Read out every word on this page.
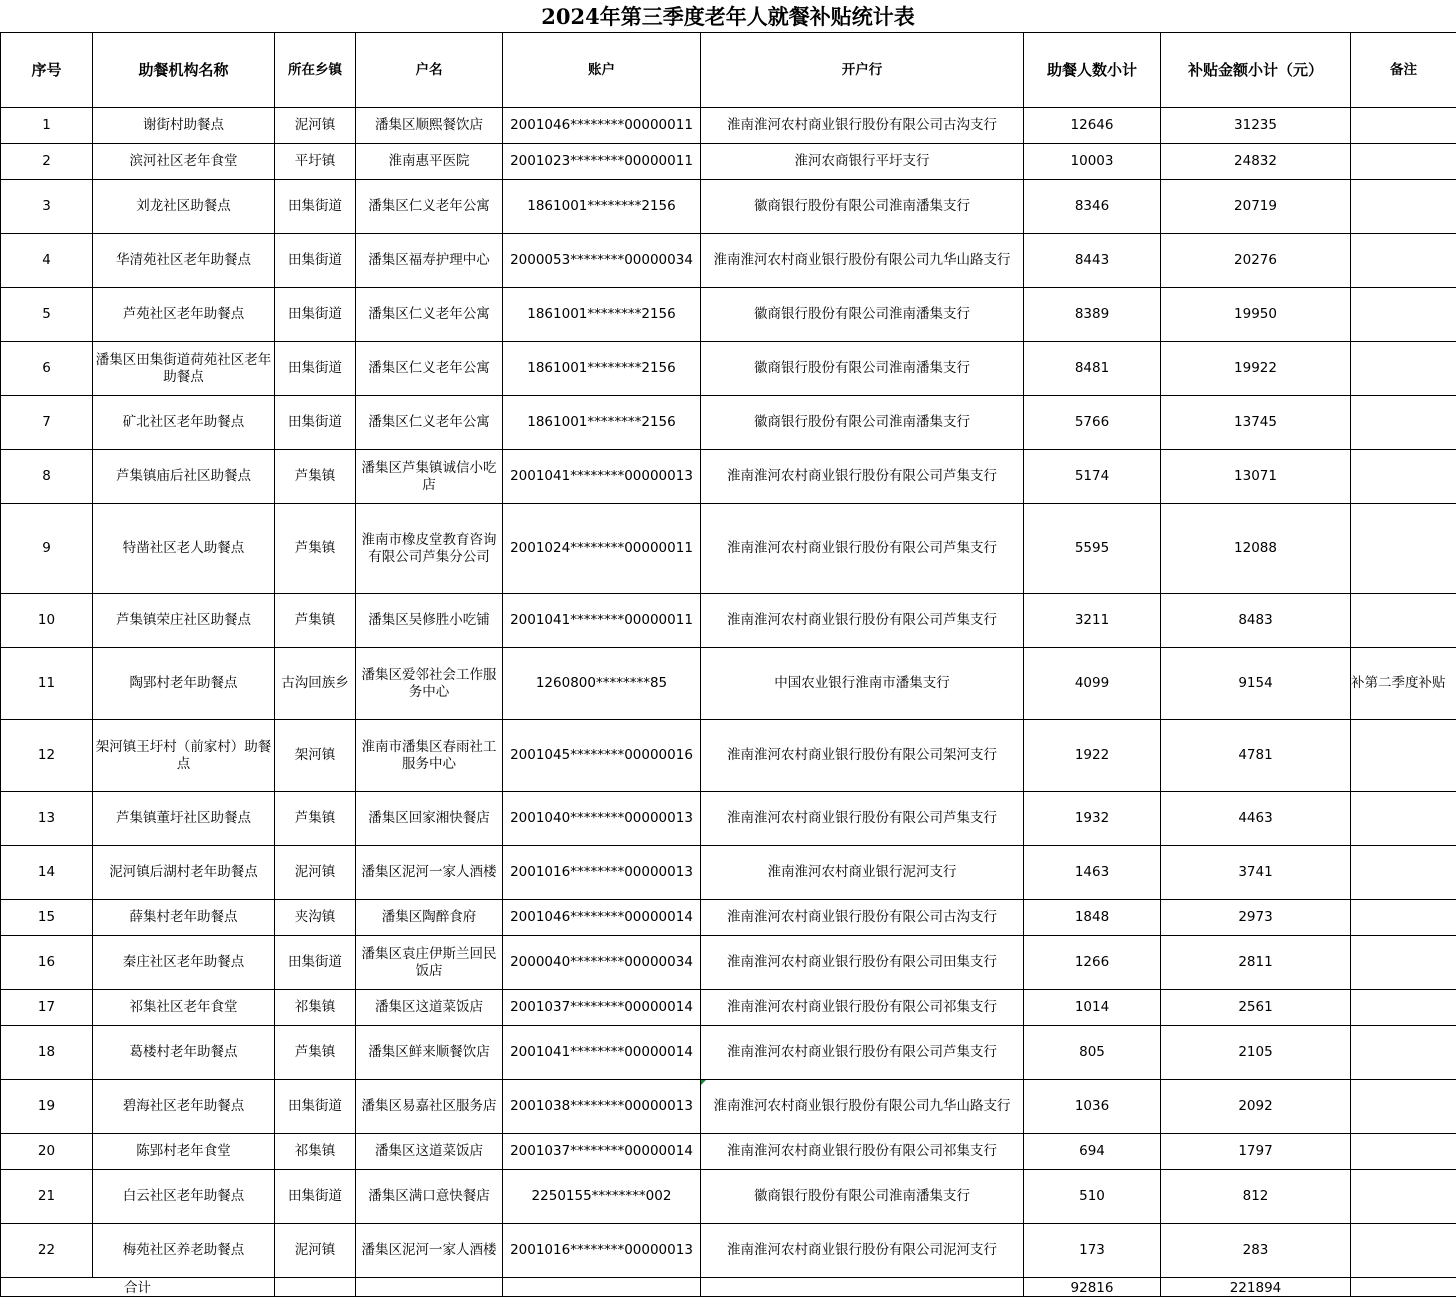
2024年第三季度老年人就餐补贴统计表
序号	助餐机构名称	所在乡镇	户名	账户	开户行	助餐人数小计	补贴金额小计（元）	备注
1	谢街村助餐点	泥河镇	潘集区顺熙餐饮店	2001046********00000011	淮南淮河农村商业银行股份有限公司古沟支行	12646	31235	
2	滨河社区老年食堂	平圩镇	淮南惠平医院	2001023********00000011	淮河农商银行平圩支行	10003	24832	
3	刘龙社区助餐点	田集街道	潘集区仁义老年公寓	1861001********2156	徽商银行股份有限公司淮南潘集支行	8346	20719	
4	华清苑社区老年助餐点	田集街道	潘集区福寿护理中心	2000053********00000034	淮南淮河农村商业银行股份有限公司九华山路支行	8443	20276	
5	芦苑社区老年助餐点	田集街道	潘集区仁义老年公寓	1861001********2156	徽商银行股份有限公司淮南潘集支行	8389	19950	
6	潘集区田集街道荷苑社区老年助餐点	田集街道	潘集区仁义老年公寓	1861001********2156	徽商银行股份有限公司淮南潘集支行	8481	19922	
7	矿北社区老年助餐点	田集街道	潘集区仁义老年公寓	1861001********2156	徽商银行股份有限公司淮南潘集支行	5766	13745	
8	芦集镇庙后社区助餐点	芦集镇	潘集区芦集镇诚信小吃店	2001041********00000013	淮南淮河农村商业银行股份有限公司芦集支行	5174	13071	
9	特凿社区老人助餐点	芦集镇	淮南市橡皮堂教育咨询有限公司芦集分公司	2001024********00000011	淮南淮河农村商业银行股份有限公司芦集支行	5595	12088	
10	芦集镇荣庄社区助餐点	芦集镇	潘集区吴修胜小吃铺	2001041********00000011	淮南淮河农村商业银行股份有限公司芦集支行	3211	8483	
11	陶郢村老年助餐点	古沟回族乡	潘集区爱邻社会工作服务中心	1260800********85	中国农业银行淮南市潘集支行	4099	9154	补第二季度补贴
12	架河镇王圩村（前家村）助餐点	架河镇	淮南市潘集区春雨社工服务中心	2001045********00000016	淮南淮河农村商业银行股份有限公司架河支行	1922	4781	
13	芦集镇董圩社区助餐点	芦集镇	潘集区回家湘快餐店	2001040********00000013	淮南淮河农村商业银行股份有限公司芦集支行	1932	4463	
14	泥河镇后湖村老年助餐点	泥河镇	潘集区泥河一家人酒楼	2001016********00000013	淮南淮河农村商业银行泥河支行	1463	3741	
15	薛集村老年助餐点	夹沟镇	潘集区陶醉食府	2001046********00000014	淮南淮河农村商业银行股份有限公司古沟支行	1848	2973	
16	秦庄社区老年助餐点	田集街道	潘集区袁庄伊斯兰回民饭店	2000040********00000034	淮南淮河农村商业银行股份有限公司田集支行	1266	2811	
17	祁集社区老年食堂	祁集镇	潘集区这道菜饭店	2001037********00000014	淮南淮河农村商业银行股份有限公司祁集支行	1014	2561	
18	葛楼村老年助餐点	芦集镇	潘集区鲜来顺餐饮店	2001041********00000014	淮南淮河农村商业银行股份有限公司芦集支行	805	2105	
19	碧海社区老年助餐点	田集街道	潘集区易嘉社区服务店	2001038********00000013	淮南淮河农村商业银行股份有限公司九华山路支行	1036	2092	
20	陈郢村老年食堂	祁集镇	潘集区这道菜饭店	2001037********00000014	淮南淮河农村商业银行股份有限公司祁集支行	694	1797	
21	白云社区老年助餐点	田集街道	潘集区满口意快餐店	2250155********002	徽商银行股份有限公司淮南潘集支行	510	812	
22	梅苑社区养老助餐点	泥河镇	潘集区泥河一家人酒楼	2001016********00000013	淮南淮河农村商业银行股份有限公司泥河支行	173	283	
合计						92816	221894	
